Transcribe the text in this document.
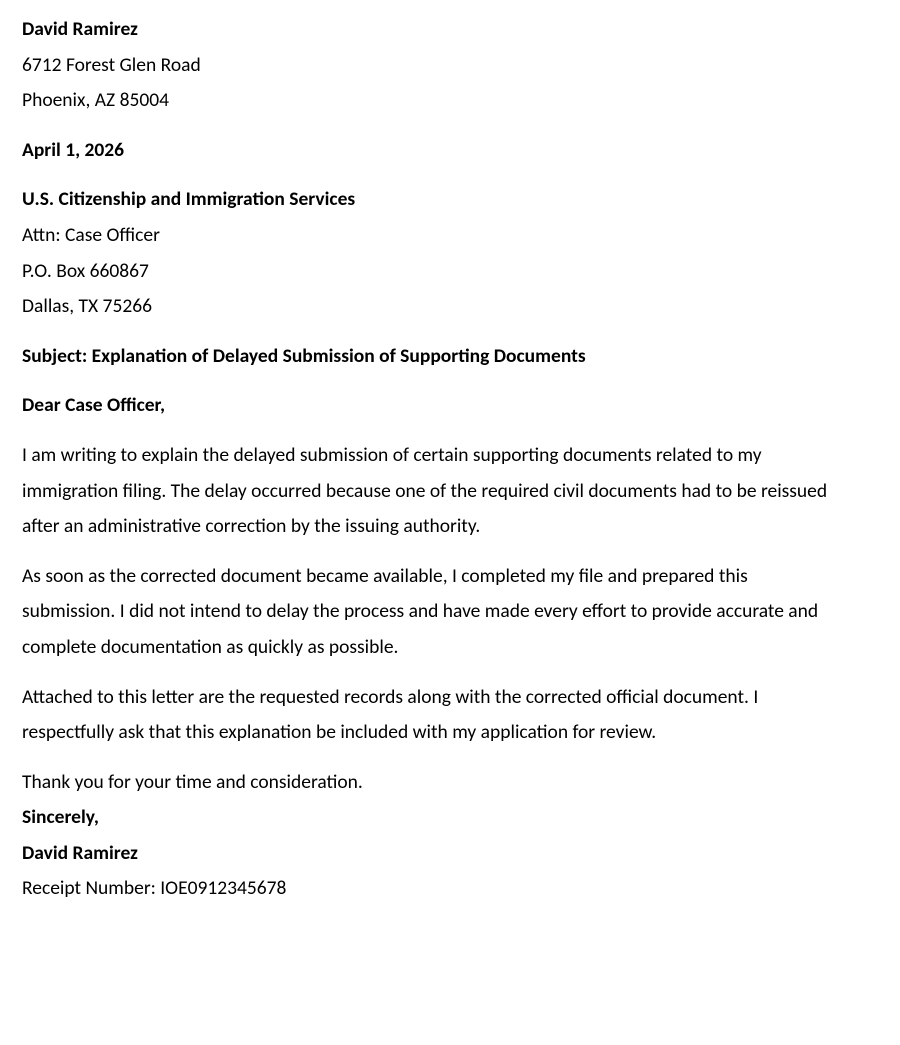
David Ramirez
6712 Forest Glen Road
Phoenix, AZ 85004
April 1, 2026
U.S. Citizenship and Immigration Services
Attn: Case Officer
P.O. Box 660867
Dallas, TX 75266
Subject: Explanation of Delayed Submission of Supporting Documents
Dear Case Officer,

I am writing to explain the delayed submission of certain supporting documents related to my immigration filing. The delay occurred because one of the required civil documents had to be reissued after an administrative correction by the issuing authority.

As soon as the corrected document became available, I completed my file and prepared this submission. I did not intend to delay the process and have made every effort to provide accurate and complete documentation as quickly as possible.

Attached to this letter are the requested records along with the corrected official document. I respectfully ask that this explanation be included with my application for review.

Thank you for your time and consideration.

Sincerely,
David Ramirez
Receipt Number: IOE0912345678
